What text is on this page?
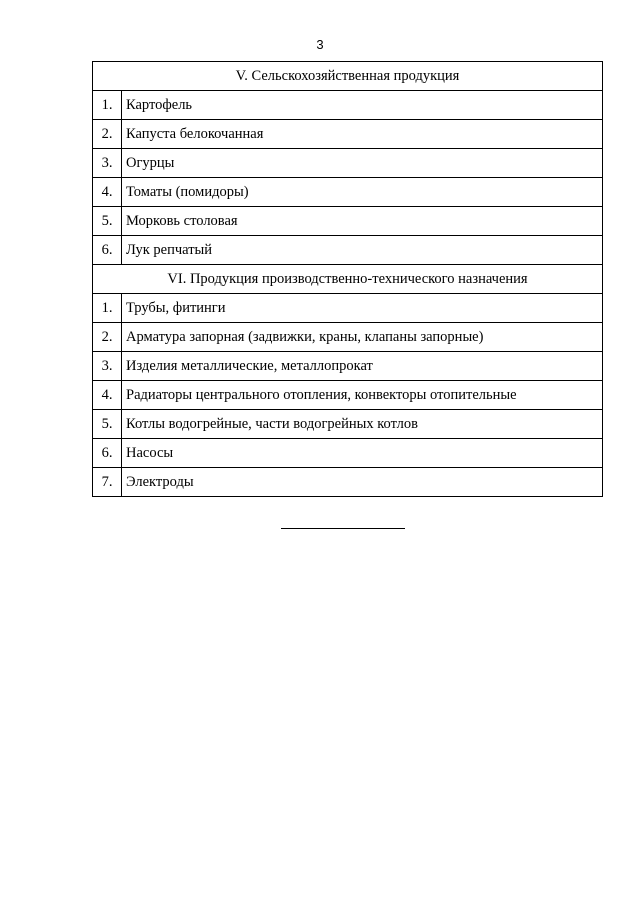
3
V. Сельскохозяйственная продукция	
1.	Картофель
2.	Капуста белокочанная
3.	Огурцы
4.	Томаты (помидоры)
5.	Морковь столовая
6.	Лук репчатый
VI. Продукция производственно-технического назначения	
1.	Трубы, фитинги
2.	Арматура запорная (задвижки, краны, клапаны запорные)
3.	Изделия металлические, металлопрокат
4.	Радиаторы центрального отопления, конвекторы отопительные
5.	Котлы водогрейные, части водогрейных котлов
6.	Насосы
7.	Электроды
